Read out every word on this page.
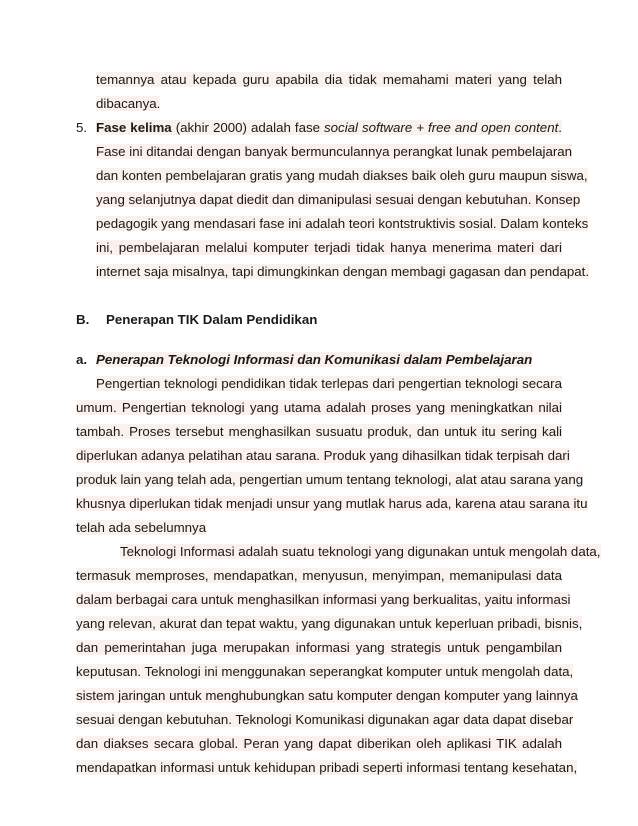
temannya atau kepada guru apabila dia tidak memahami materi yang telah
dibacanya.
5. Fase kelima (akhir 2000) adalah fase social software + free and open content.
Fase ini ditandai dengan banyak bermunculannya perangkat lunak pembelajaran
dan konten pembelajaran gratis yang mudah diakses baik oleh guru maupun siswa,
yang selanjutnya dapat diedit dan dimanipulasi sesuai dengan kebutuhan. Konsep
pedagogik yang mendasari fase ini adalah teori kontstruktivis sosial. Dalam konteks
ini, pembelajaran melalui komputer terjadi tidak hanya menerima materi dari
internet saja misalnya, tapi dimungkinkan dengan membagi gagasan dan pendapat.
B. Penerapan TIK Dalam Pendidikan
a. Penerapan Teknologi Informasi dan Komunikasi dalam Pembelajaran
Pengertian teknologi pendidikan tidak terlepas dari pengertian teknologi secara
umum. Pengertian teknologi yang utama adalah proses yang meningkatkan nilai
tambah. Proses tersebut menghasilkan susuatu produk, dan untuk itu sering kali
diperlukan adanya pelatihan atau sarana. Produk yang dihasilkan tidak terpisah dari
produk lain yang telah ada, pengertian umum tentang teknologi, alat atau sarana yang
khusnya diperlukan tidak menjadi unsur yang mutlak harus ada, karena atau sarana itu
telah ada sebelumnya
Teknologi Informasi adalah suatu teknologi yang digunakan untuk mengolah data,
termasuk memproses, mendapatkan, menyusun, menyimpan, memanipulasi data
dalam berbagai cara untuk menghasilkan informasi yang berkualitas, yaitu informasi
yang relevan, akurat dan tepat waktu, yang digunakan untuk keperluan pribadi, bisnis,
dan pemerintahan juga merupakan informasi yang strategis untuk pengambilan
keputusan. Teknologi ini menggunakan seperangkat komputer untuk mengolah data,
sistem jaringan untuk menghubungkan satu komputer dengan komputer yang lainnya
sesuai dengan kebutuhan. Teknologi Komunikasi digunakan agar data dapat disebar
dan diakses secara global. Peran yang dapat diberikan oleh aplikasi TIK adalah
mendapatkan informasi untuk kehidupan pribadi seperti informasi tentang kesehatan,
